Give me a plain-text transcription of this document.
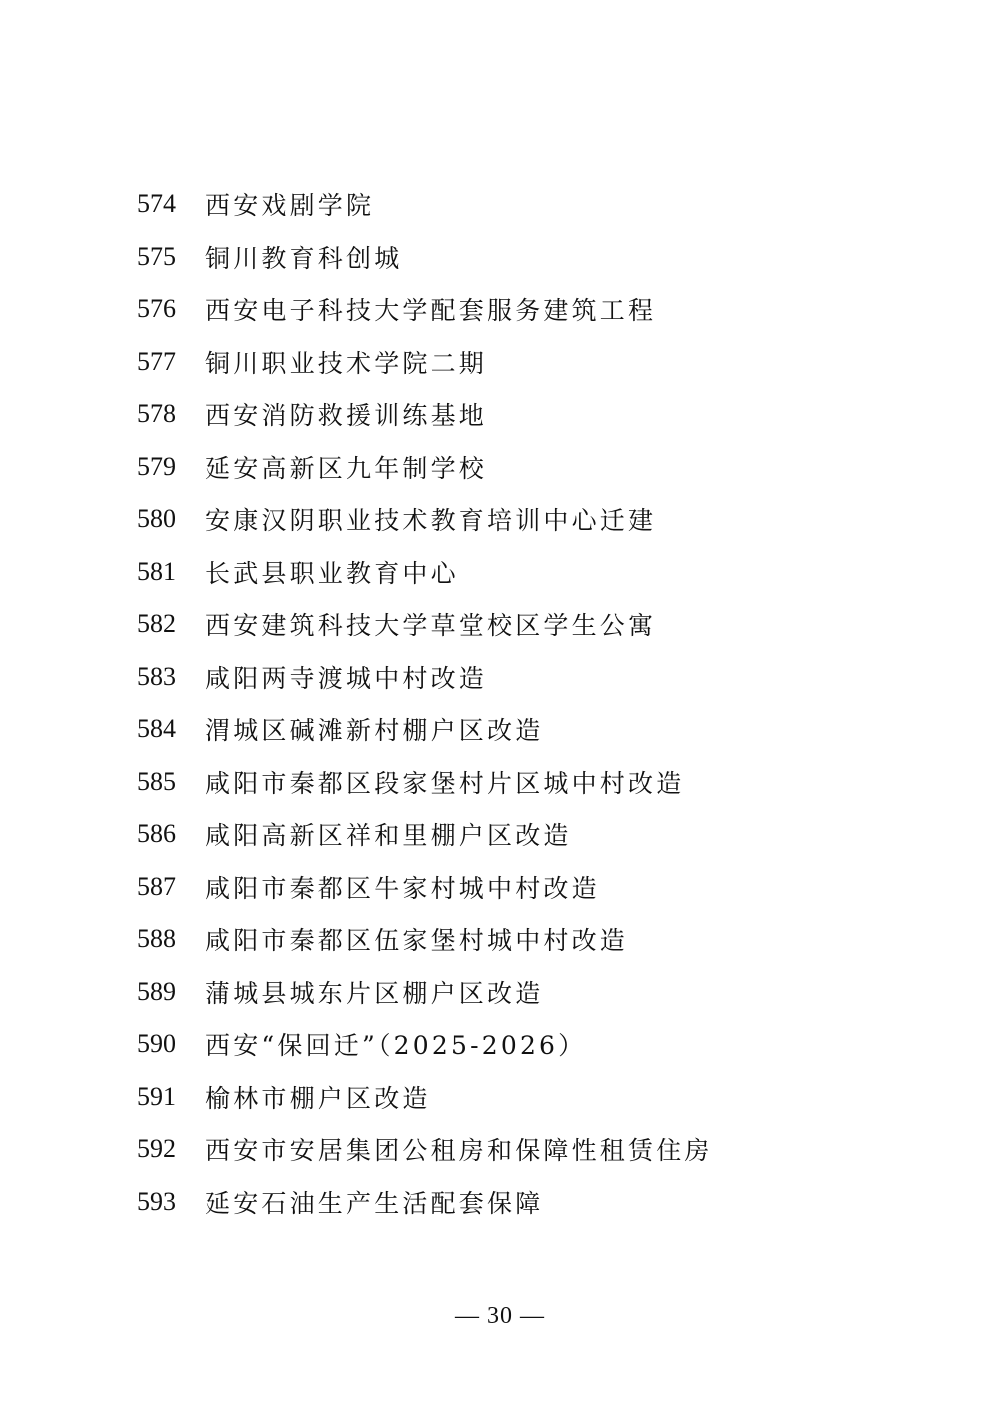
574	西安戏剧学院
575	铜川教育科创城
576	西安电子科技大学配套服务建筑工程
577	铜川职业技术学院二期
578	西安消防救援训练基地
579	延安高新区九年制学校
580	安康汉阴职业技术教育培训中心迁建
581	长武县职业教育中心
582	西安建筑科技大学草堂校区学生公寓
583	咸阳两寺渡城中村改造
584	渭城区碱滩新村棚户区改造
585	咸阳市秦都区段家堡村片区城中村改造
586	咸阳高新区祥和里棚户区改造
587	咸阳市秦都区牛家村城中村改造
588	咸阳市秦都区伍家堡村城中村改造
589	蒲城县城东片区棚户区改造
590	西安“保回迁”（2025-2026）
591	榆林市棚户区改造
592	西安市安居集团公租房和保障性租赁住房
593	延安石油生产生活配套保障
— 30 —
